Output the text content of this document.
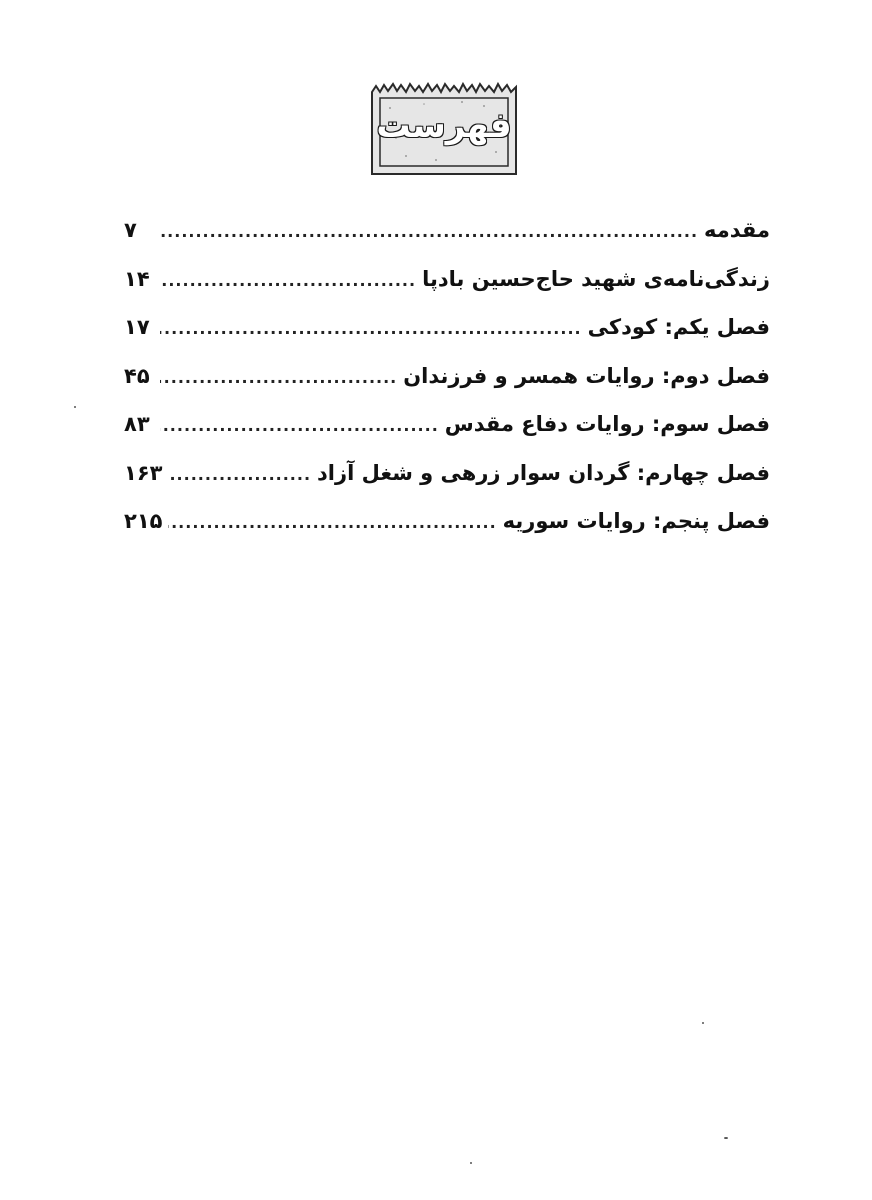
فهرست
مقدمه
.....
۷
زندگی‌نامه‌ی شهید حاج‌حسین بادپا
.....
۱۴
فصل یکم: کودکی
.....
۱۷
فصل دوم: روایات همسر و فرزندان
.....
۴۵
فصل سوم: روایات دفاع مقدس
.....
۸۳
فصل چهارم: گردان سوار زرهی و شغل آزاد
.....
۱۶۳
فصل پنجم: روایات سوریه
.....
۲۱۵
